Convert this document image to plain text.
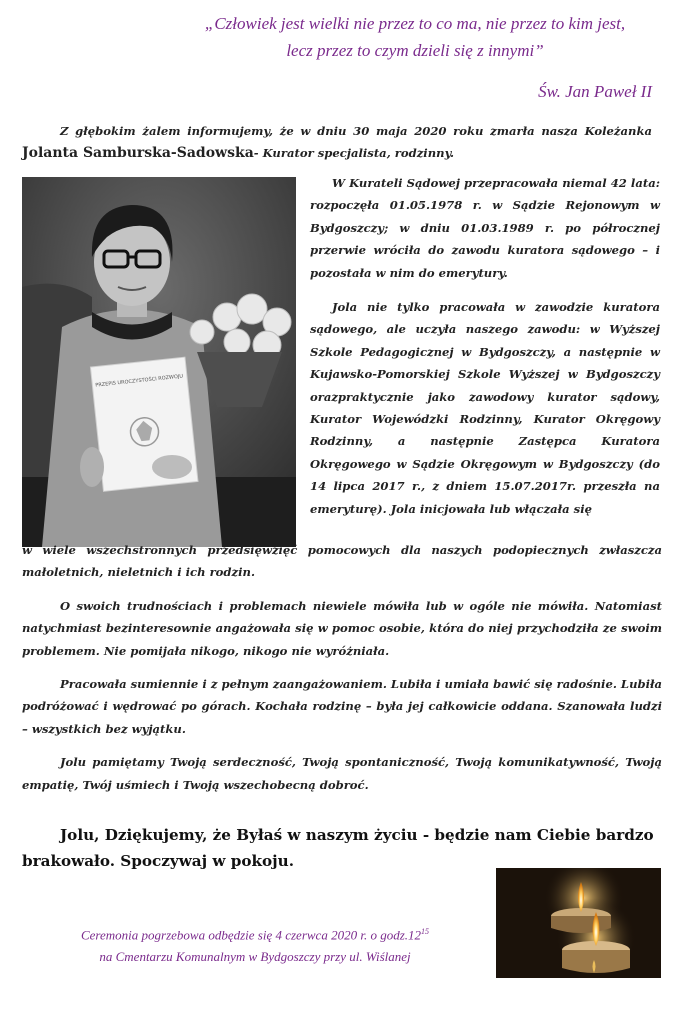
„Człowiek jest wielki nie przez to co ma, nie przez to kim jest,
lecz przez to czym dzieli się z innymi”
Św. Jan Paweł II

Z głębokim żalem informujemy, że w dniu 30 maja 2020 roku zmarła nasza Koleżanka Jolanta Samburska-Sadowska- Kurator specjalista, rodzinny.

PRZEPIS UROCZYSTOŚCI ROZWOJU

W Kurateli Sądowej przepracowała niemal 42 lata: rozpoczęła 01.05.1978 r. w Sądzie Rejonowym w Bydgoszczy; w dniu 01.03.1989 r. po półrocznej przerwie wróciła do zawodu kuratora sądowego – i pozostała w nim do emerytury.

Jola nie tylko pracowała w zawodzie kuratora sądowego, ale uczyła naszego zawodu: w Wyższej Szkole Pedagogicznej w Bydgoszczy, a następnie w Kujawsko-Pomorskiej Szkole Wyższej w Bydgoszczy orazpraktycznie jako zawodowy kurator sądowy, Kurator Wojewódzki Rodzinny, Kurator Okręgowy Rodzinny, a następnie Zastępca Kuratora Okręgowego w Sądzie Okręgowym w Bydgoszczy (do 14 lipca 2017 r., z dniem 15.07.2017r. przeszła na emeryturę). Jola inicjowała lub włączała się

w wiele wszechstronnych przedsięwzięć pomocowych dla naszych podopiecznych zwłaszcza małoletnich, nieletnich i ich rodzin.

O swoich trudnościach i problemach niewiele mówiła lub w ogóle nie mówiła. Natomiast natychmiast bezinteresownie angażowała się w pomoc osobie, która do niej przychodziła ze swoim problemem. Nie pomijała nikogo, nikogo nie wyróżniała.

Pracowała sumiennie i z pełnym zaangażowaniem. Lubiła i umiała bawić się radośnie. Lubiła podróżować i wędrować po górach. Kochała rodzinę – była jej całkowicie oddana. Szanowała ludzi – wszystkich bez wyjątku.

Jolu pamiętamy Twoją serdeczność, Twoją spontaniczność, Twoją komunikatywność, Twoją empatię, Twój uśmiech i Twoją wszechobecną dobroć.

Jolu, Dziękujemy, że Byłaś w naszym życiu - będzie nam Ciebie bardzo brakowało. Spoczywaj w pokoju.
Ceremonia pogrzebowa odbędzie się 4 czerwca 2020 r. o $godz.12^{15}$
na Cmentarzu Komunalnym w Bydgoszczy przy ul. Wiślanej
